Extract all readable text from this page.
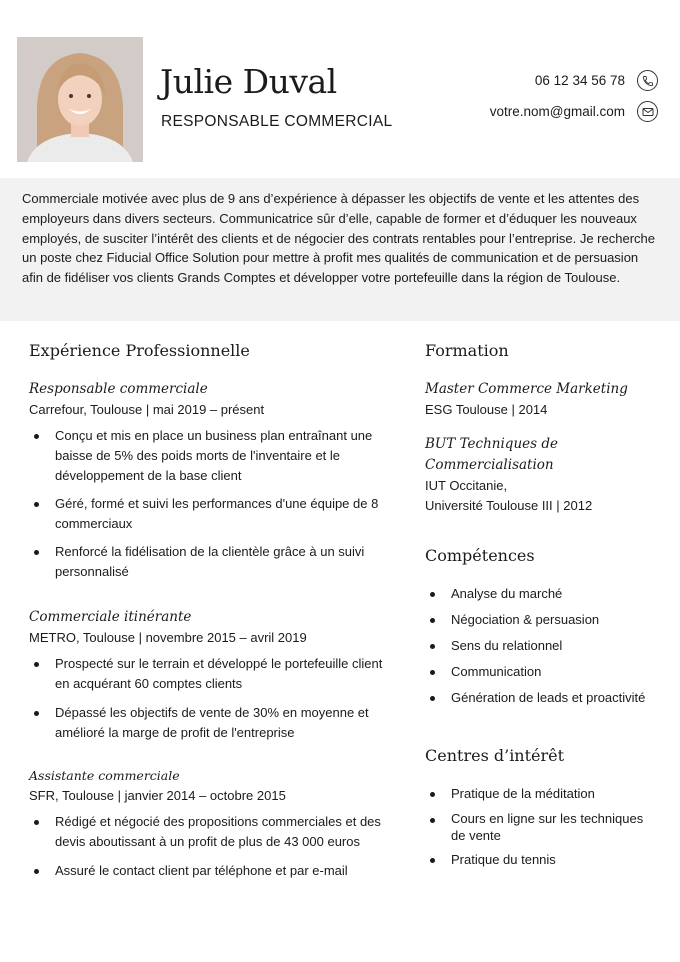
Julie Duval
RESPONSABLE COMMERCIAL
06 12 34 56 78
votre.nom@gmail.com

Commerciale motivée avec plus de 9 ans d’expérience à dépasser les objectifs de vente et les attentes des employeurs dans divers secteurs. Communicatrice sûr d’elle, capable de former et d’éduquer les nouveaux employés, de susciter l’intérêt des clients et de négocier des contrats rentables pour l’entreprise. Je recherche un poste chez Fiducial Office Solution pour mettre à profit mes qualités de communication et de persuasion afin de fidéliser vos clients Grands Comptes et développer votre portefeuille dans la région de Toulouse.

Expérience Professionnelle
Responsable commerciale
Carrefour, Toulouse | mai 2019 – présent
Conçu et mis en place un business plan entraînant une baisse de 5% des poids morts de l'inventaire et le développement de la base client
Géré, formé et suivi les performances d'une équipe de 8 commerciaux
Renforcé la fidélisation de la clientèle grâce à un suivi personnalisé
Commerciale itinérante
METRO, Toulouse | novembre 2015 – avril 2019
Prospecté sur le terrain et développé le portefeuille client en acquérant 60 comptes clients
Dépassé les objectifs de vente de 30% en moyenne et amélioré la marge de profit de l'entreprise
Assistante commerciale
SFR, Toulouse | janvier 2014 – octobre 2015
Rédigé et négocié des propositions commerciales et des devis aboutissant à un profit de plus de 43 000 euros
Assuré le contact client par téléphone et par e-mail
Formation
Master Commerce Marketing
ESG Toulouse | 2014
BUT Techniques de
Commercialisation
IUT Occitanie,
Université Toulouse III | 2012
Compétences
Analyse du marché
Négociation & persuasion
Sens du relationnel
Communication
Génération de leads et proactivité
Centres d’intérêt
Pratique de la méditation
Cours en ligne sur les techniques de vente
Pratique du tennis
